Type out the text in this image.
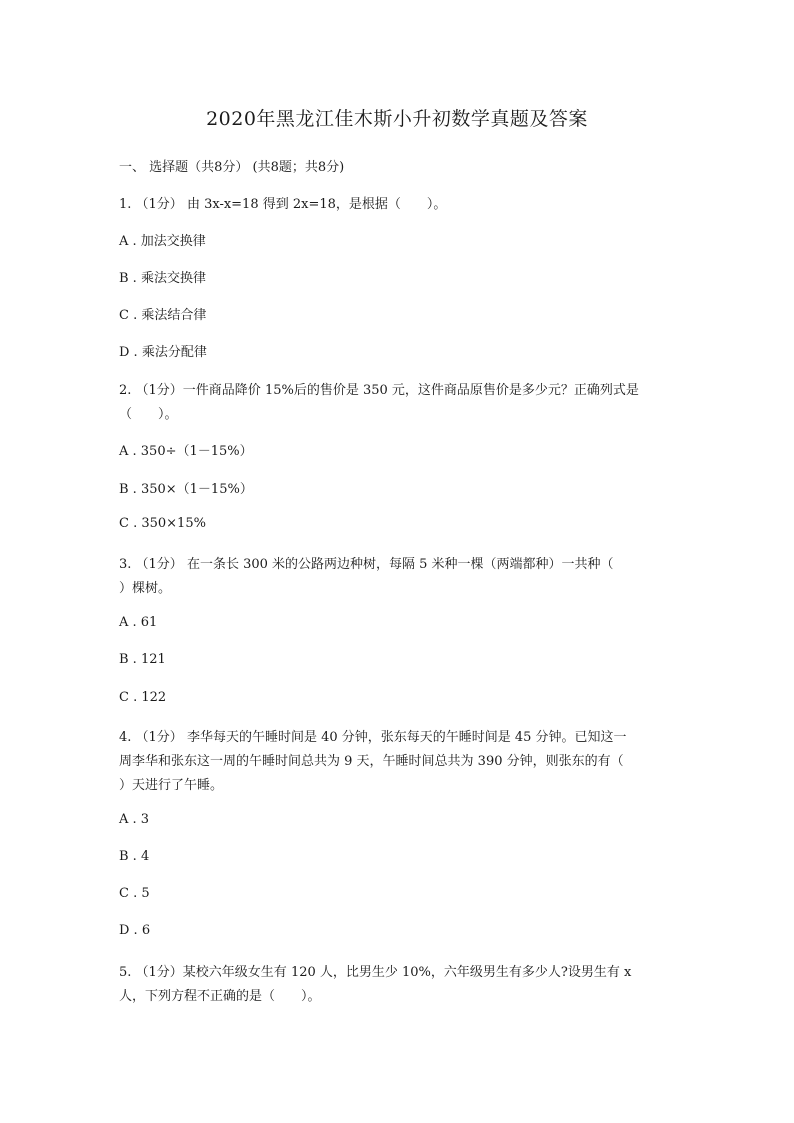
2020年黑龙江佳木斯小升初数学真题及答案
一、 选择题（共8分） (共8题；共8分)
1. （1分） 由 3x-x=18 得到 2x=18，是根据（　　）。
A . 加法交换律
B . 乘法交换律
C . 乘法结合律
D . 乘法分配律
2. （1分）一件商品降价 15%后的售价是 350 元，这件商品原售价是多少元？正确列式是
（　　）。
A . 350÷（1－15%）
B . 350×（1－15%）
C . 350×15%
3. （1分） 在一条长 300 米的公路两边种树，每隔 5 米种一棵（两端都种）一共种（
）棵树。
A . 61
B . 121
C . 122
4. （1分） 李华每天的午睡时间是 40 分钟，张东每天的午睡时间是 45 分钟。已知这一
周李华和张东这一周的午睡时间总共为 9 天，午睡时间总共为 390 分钟，则张东的有（
）天进行了午睡。
A . 3
B . 4
C . 5
D . 6
5. （1分）某校六年级女生有 120 人，比男生少 10%，六年级男生有多少人?设男生有 x
人，下列方程不正确的是（　　）。
